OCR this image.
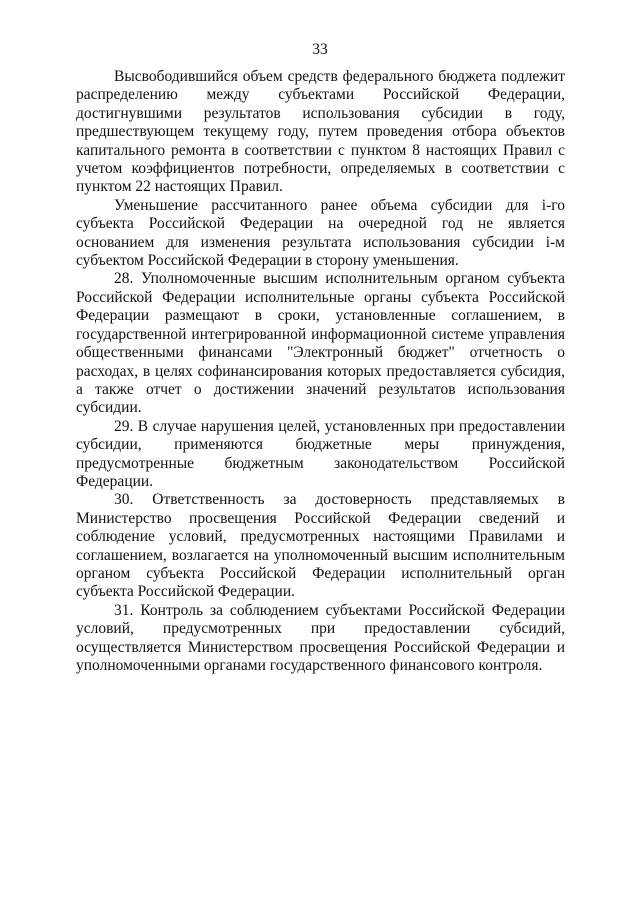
33

Высвободившийся объем средств федерального бюджета подлежит распределению между субъектами Российской Федерации, достигнувшими результатов использования субсидии в году, предшествующем текущему году, путем проведения отбора объектов капитального ремонта в соответствии с пунктом 8 настоящих Правил с учетом коэффициентов потребности, определяемых в соответствии с пунктом 22 настоящих Правил.

Уменьшение рассчитанного ранее объема субсидии для i-го субъекта Российской Федерации на очередной год не является основанием для изменения результата использования субсидии i-м субъектом Российской Федерации в сторону уменьшения.

28. Уполномоченные высшим исполнительным органом субъекта Российской Федерации исполнительные органы субъекта Российской Федерации размещают в сроки, установленные соглашением, в государственной интегрированной информационной системе управления общественными финансами "Электронный бюджет" отчетность о расходах, в целях софинансирования которых предоставляется субсидия, а также отчет о достижении значений результатов использования субсидии.

29. В случае нарушения целей, установленных при предоставлении субсидии, применяются бюджетные меры принуждения, предусмотренные бюджетным законодательством Российской Федерации.

30. Ответственность за достоверность представляемых в Министерство просвещения Российской Федерации сведений и соблюдение условий, предусмотренных настоящими Правилами и соглашением, возлагается на уполномоченный высшим исполнительным органом субъекта Российской Федерации исполнительный орган субъекта Российской Федерации.

31. Контроль за соблюдением субъектами Российской Федерации условий, предусмотренных при предоставлении субсидий, осуществляется Министерством просвещения Российской Федерации и уполномоченными органами государственного финансового контроля.
